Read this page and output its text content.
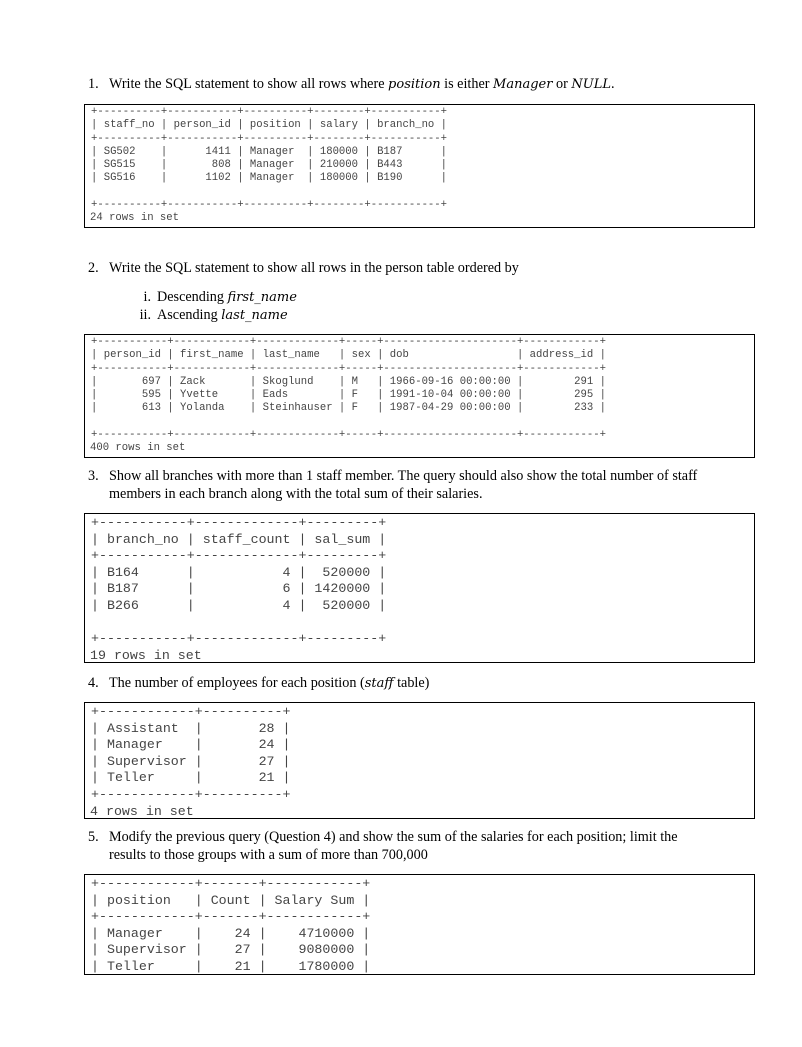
1. Write the SQL statement to show all rows where position is either Manager or NULL.
+----------+-----------+----------+--------+-----------+
| staff_no | person_id | position | salary | branch_no |
+----------+-----------+----------+--------+-----------+
| SG502    |      1411 | Manager  | 180000 | B187      |
| SG515    |       808 | Manager  | 210000 | B443      |
| SG516    |      1102 | Manager  | 180000 | B190      |

+----------+-----------+----------+--------+-----------+
24 rows in set
2. Write the SQL statement to show all rows in the person table ordered by
i. Descending first_name
ii. Ascending last_name
+-----------+------------+-------------+-----+---------------------+------------+
| person_id | first_name | last_name   | sex | dob                 | address_id |
+-----------+------------+-------------+-----+---------------------+------------+
|       697 | Zack       | Skoglund    | M   | 1966-09-16 00:00:00 |        291 |
|       595 | Yvette     | Eads        | F   | 1991-10-04 00:00:00 |        295 |
|       613 | Yolanda    | Steinhauser | F   | 1987-04-29 00:00:00 |        233 |

+-----------+------------+-------------+-----+---------------------+------------+
400 rows in set
3. Show all branches with more than 1 staff member. The query should also show the total number of staff
members in each branch along with the total sum of their salaries.
+-----------+-------------+---------+
| branch_no | staff_count | sal_sum |
+-----------+-------------+---------+
| B164      |           4 |  520000 |
| B187      |           6 | 1420000 |
| B266      |           4 |  520000 |

+-----------+-------------+---------+
19 rows in set
4. The number of employees for each position (staff table)
+------------+----------+
| Assistant  |       28 |
| Manager    |       24 |
| Supervisor |       27 |
| Teller     |       21 |
+------------+----------+
4 rows in set
5. Modify the previous query (Question 4) and show the sum of the salaries for each position; limit the
results to those groups with a sum of more than 700,000
+------------+-------+------------+
| position   | Count | Salary Sum |
+------------+-------+------------+
| Manager    |    24 |    4710000 |
| Supervisor |    27 |    9080000 |
| Teller     |    21 |    1780000 |
